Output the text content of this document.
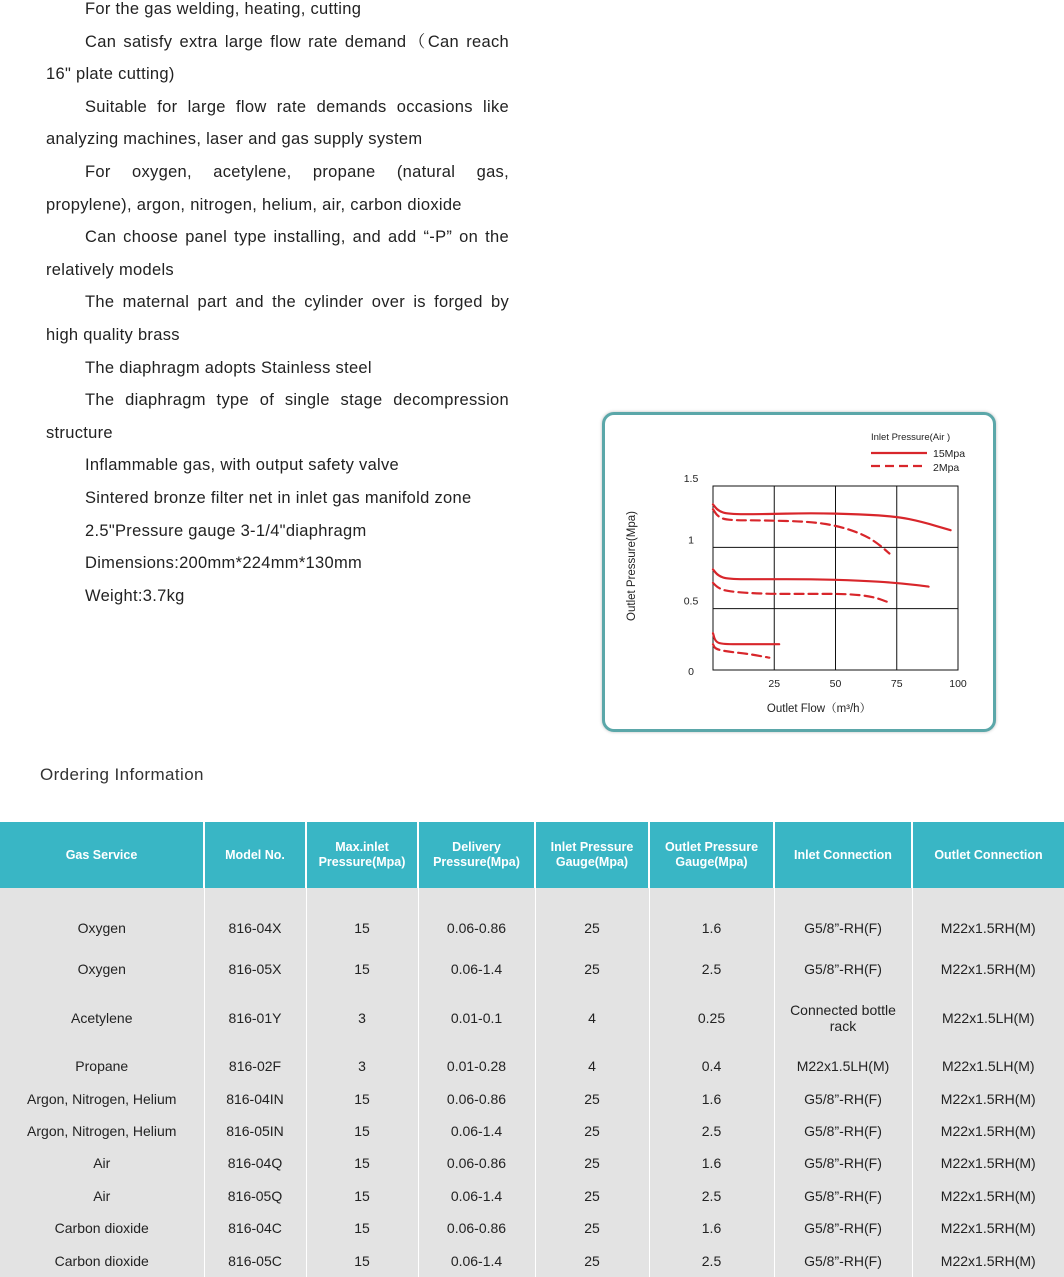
For the gas welding, heating, cutting

Can satisfy extra large flow rate demand（Can reach 16" plate cutting)

Suitable for large flow rate demands occasions like analyzing machines, laser and gas supply system

For oxygen, acetylene, propane (natural gas, propylene), argon, nitrogen, helium, air, carbon dioxide

Can choose panel type installing, and add “-P” on the relatively models

The maternal part and the cylinder over is forged by high quality brass

The diaphragm adopts Stainless steel

The diaphragm type of single stage decompression structure

Inflammable gas, with output safety valve

Sintered bronze filter net in inlet gas manifold zone

2.5"Pressure gauge 3-1/4"diaphragm

Dimensions:200mm*224mm*130mm

Weight:3.7kg

25	50	75	100
0
0.5
1
1.5
Outlet Pressure(Mpa)
Outlet Flow（m³/h）
Inlet Pressure(Air )
15Mpa
2Mpa
Ordering Information
Gas Service	Model No.	Max.inlet Pressure(Mpa)	Delivery Pressure(Mpa)	Inlet Pressure Gauge(Mpa)	Outlet Pressure Gauge(Mpa)	Inlet Connection	Outlet Connection
Oxygen	816-04X	15	0.06-0.86	25	1.6	G5/8”-RH(F)	M22x1.5RH(M)
Oxygen	816-05X	15	0.06-1.4	25	2.5	G5/8”-RH(F)	M22x1.5RH(M)
Acetylene	816-01Y	3	0.01-0.1	4	0.25	Connected bottle rack	M22x1.5LH(M)
Propane	816-02F	3	0.01-0.28	4	0.4	M22x1.5LH(M)	M22x1.5LH(M)
Argon, Nitrogen, Helium	816-04IN	15	0.06-0.86	25	1.6	G5/8”-RH(F)	M22x1.5RH(M)
Argon, Nitrogen, Helium	816-05IN	15	0.06-1.4	25	2.5	G5/8”-RH(F)	M22x1.5RH(M)
Air	816-04Q	15	0.06-0.86	25	1.6	G5/8”-RH(F)	M22x1.5RH(M)
Air	816-05Q	15	0.06-1.4	25	2.5	G5/8”-RH(F)	M22x1.5RH(M)
Carbon dioxide	816-04C	15	0.06-0.86	25	1.6	G5/8”-RH(F)	M22x1.5RH(M)
Carbon dioxide	816-05C	15	0.06-1.4	25	2.5	G5/8”-RH(F)	M22x1.5RH(M)
